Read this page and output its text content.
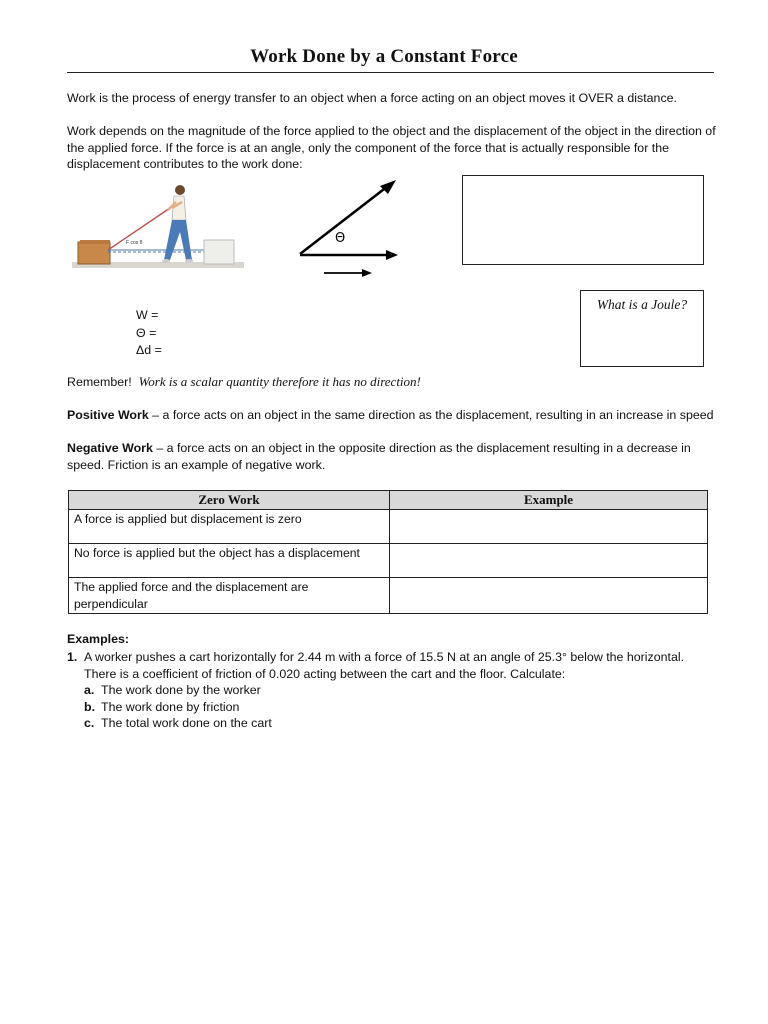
Work Done by a Constant Force
Work is the process of energy transfer to an object when a force acting on an object moves it OVER a distance.
Work depends on the magnitude of the force applied to the object and the displacement of the object in the direction of the applied force. If the force is at an angle, only the component of the force that is actually responsible for the displacement contributes to the work done:
F cos θ	Θ
What is a Joule?
W =
Θ =
Δd =
Remember! Work is a scalar quantity therefore it has no direction!
Positive Work – a force acts on an object in the same direction as the displacement, resulting in an increase in speed
Negative Work – a force acts on an object in the opposite direction as the displacement resulting in a decrease in speed. Friction is an example of negative work.
Zero Work	Example
A force is applied but displacement is zero	
No force is applied but the object has a displacement	
The applied force and the displacement are perpendicular	
Examples:
1. A worker pushes a cart horizontally for 2.44 m with a force of 15.5 N at an angle of 25.3° below the horizontal. There is a coefficient of friction of 0.020 acting between the cart and the floor. Calculate:
a. The work done by the worker
b. The work done by friction
c. The total work done on the cart
